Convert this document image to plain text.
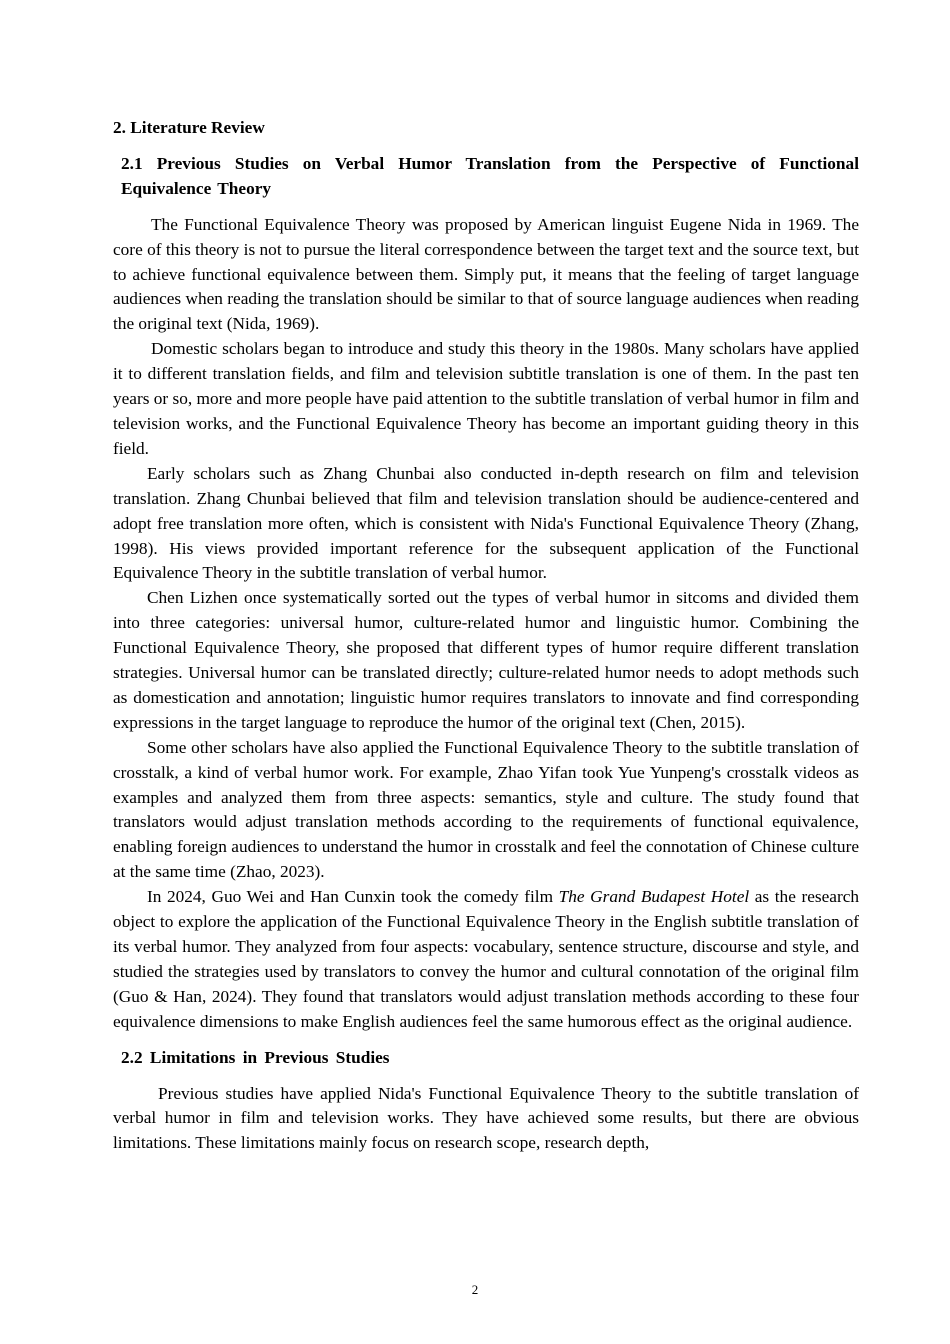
2. Literature Review
2.1 Previous Studies on Verbal Humor Translation from the Perspective of Functional Equivalence Theory

The Functional Equivalence Theory was proposed by American linguist Eugene Nida in 1969. The core of this theory is not to pursue the literal correspondence between the target text and the source text, but to achieve functional equivalence between them. Simply put, it means that the feeling of target language audiences when reading the translation should be similar to that of source language audiences when reading the original text (Nida, 1969).

Domestic scholars began to introduce and study this theory in the 1980s. Many scholars have applied it to different translation fields, and film and television subtitle translation is one of them. In the past ten years or so, more and more people have paid attention to the subtitle translation of verbal humor in film and television works, and the Functional Equivalence Theory has become an important guiding theory in this field.

Early scholars such as Zhang Chunbai also conducted in-depth research on film and television translation. Zhang Chunbai believed that film and television translation should be audience-centered and adopt free translation more often, which is consistent with Nida's Functional Equivalence Theory (Zhang, 1998). His views provided important reference for the subsequent application of the Functional Equivalence Theory in the subtitle translation of verbal humor.

Chen Lizhen once systematically sorted out the types of verbal humor in sitcoms and divided them into three categories: universal humor, culture-related humor and linguistic humor. Combining the Functional Equivalence Theory, she proposed that different types of humor require different translation strategies. Universal humor can be translated directly; culture-related humor needs to adopt methods such as domestication and annotation; linguistic humor requires translators to innovate and find corresponding expressions in the target language to reproduce the humor of the original text (Chen, 2015).

Some other scholars have also applied the Functional Equivalence Theory to the subtitle translation of crosstalk, a kind of verbal humor work. For example, Zhao Yifan took Yue Yunpeng's crosstalk videos as examples and analyzed them from three aspects: semantics, style and culture. The study found that translators would adjust translation methods according to the requirements of functional equivalence, enabling foreign audiences to understand the humor in crosstalk and feel the connotation of Chinese culture at the same time (Zhao, 2023).

In 2024, Guo Wei and Han Cunxin took the comedy film The Grand Budapest Hotel as the research object to explore the application of the Functional Equivalence Theory in the English subtitle translation of its verbal humor. They analyzed from four aspects: vocabulary, sentence structure, discourse and style, and studied the strategies used by translators to convey the humor and cultural connotation of the original film (Guo & Han, 2024). They found that translators would adjust translation methods according to these four equivalence dimensions to make English audiences feel the same humorous effect as the original audience.

2.2 Limitations in Previous Studies

Previous studies have applied Nida's Functional Equivalence Theory to the subtitle translation of verbal humor in film and television works. They have achieved some results, but there are obvious limitations. These limitations mainly focus on research scope, research depth,

2
